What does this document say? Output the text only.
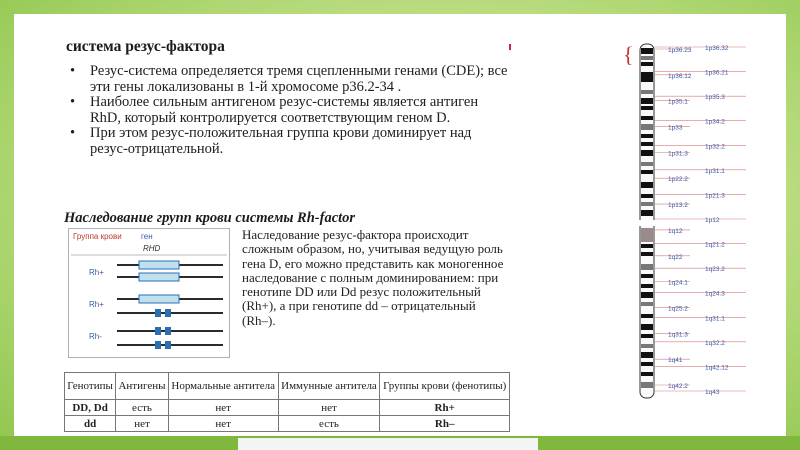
система резус-фактора
• Резус-система определяется тремя сцепленными генами (CDE); все эти гены локализованы в 1-й хромосоме р36.2-34 .
• Наиболее сильным антигеном резус-системы является антиген RhD, который контролируется соответствующим геном D.
• При этом резус-положительная группа крови доминирует над резус-отрицательной.
Наследование групп крови системы Rh-factor
Группа крови ген
RHD
Rh+
Rh+
Rh-
Наследование резус-фактора происходит сложным образом, но, учитывая ведущую роль гена D, его можно представить как моногенное наследование с полным доминированием: при генотипе DD или Dd резус положительный (Rh+), а при генотипе dd – отрицательный (Rh–).
Генотипы	Антигены	Нормальные антитела	Иммунные антитела	Группы крови (фенотипы)
DD, Dd	есть	нет	нет	Rh+
dd	нет	нет	есть	Rh–
{	1p36.23
1p36.12
1p35.1
1p33
1p31.3
1p22.2
1p13.2
1q12
1q22
1q24.1
1q25.2
1q31.3
1q41
1q42.2
1p36.32
1p36.21
1p35.3
1p34.2
1p32.2
1p31.1
1p21.3
1p12
1q21.2
1q23.2
1q24.3
1q31.1
1q32.2
1q42.12
1q43
